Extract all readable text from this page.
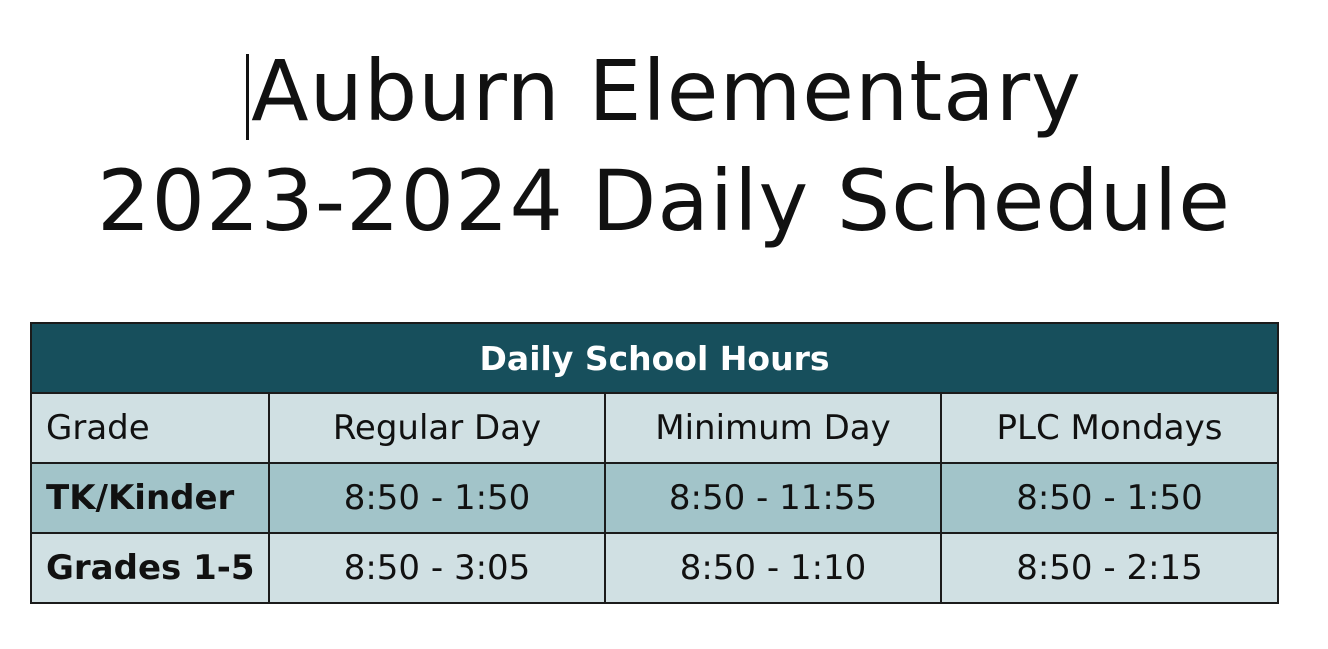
Auburn Elementary
2023-2024 Daily Schedule
Daily School Hours			
Grade	Regular Day	Minimum Day	PLC Mondays
TK/Kinder	8:50 - 1:50	8:50 - 11:55	8:50 - 1:50
Grades 1-5	8:50 - 3:05	8:50 - 1:10	8:50 - 2:15
